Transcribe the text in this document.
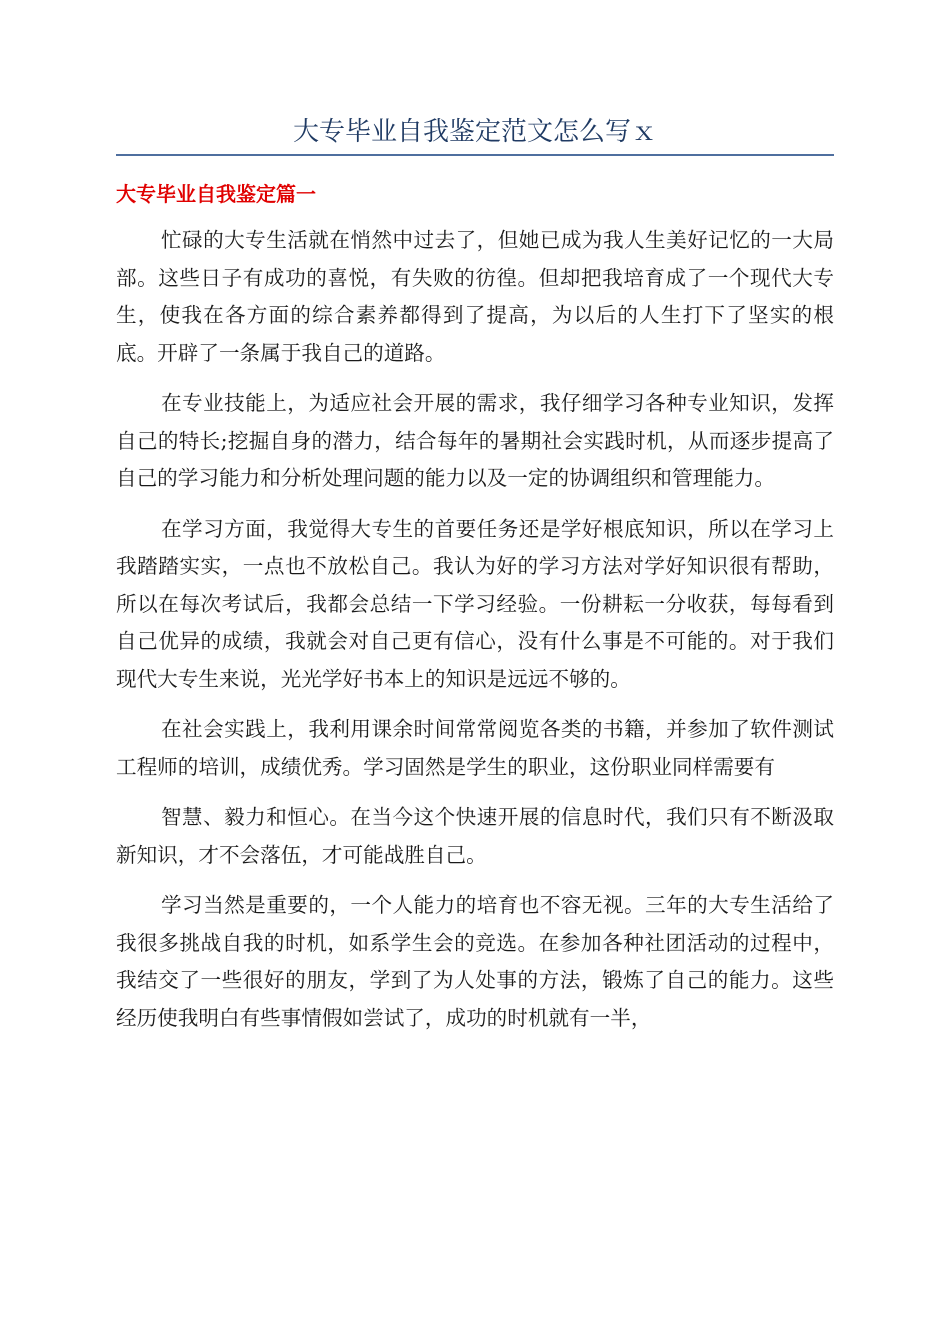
大专毕业自我鉴定范文怎么写ｘ
大专毕业自我鉴定篇一

忙碌的大专生活就在悄然中过去了，但她已成为我人生美好记忆的一大局部。这些日子有成功的喜悦，有失败的彷徨。但却把我培育成了一个现代大专生，使我在各方面的综合素养都得到了提高，为以后的人生打下了坚实的根底。开辟了一条属于我自己的道路。

在专业技能上，为适应社会开展的需求，我仔细学习各种专业知识，发挥自己的特长;挖掘自身的潜力，结合每年的暑期社会实践时机，从而逐步提高了自己的学习能力和分析处理问题的能力以及一定的协调组织和管理能力。

在学习方面，我觉得大专生的首要任务还是学好根底知识，所以在学习上我踏踏实实，一点也不放松自己。我认为好的学习方法对学好知识很有帮助，所以在每次考试后，我都会总结一下学习经验。一份耕耘一分收获，每每看到自己优异的成绩，我就会对自己更有信心，没有什么事是不可能的。对于我们现代大专生来说，光光学好书本上的知识是远远不够的。

在社会实践上，我利用课余时间常常阅览各类的书籍，并参加了软件测试工程师的培训，成绩优秀。学习固然是学生的职业，这份职业同样需要有

智慧、毅力和恒心。在当今这个快速开展的信息时代，我们只有不断汲取新知识，才不会落伍，才可能战胜自己。

学习当然是重要的，一个人能力的培育也不容无视。三年的大专生活给了我很多挑战自我的时机，如系学生会的竞选。在参加各种社团活动的过程中，我结交了一些很好的朋友，学到了为人处事的方法，锻炼了自己的能力。这些经历使我明白有些事情假如尝试了，成功的时机就有一半，
